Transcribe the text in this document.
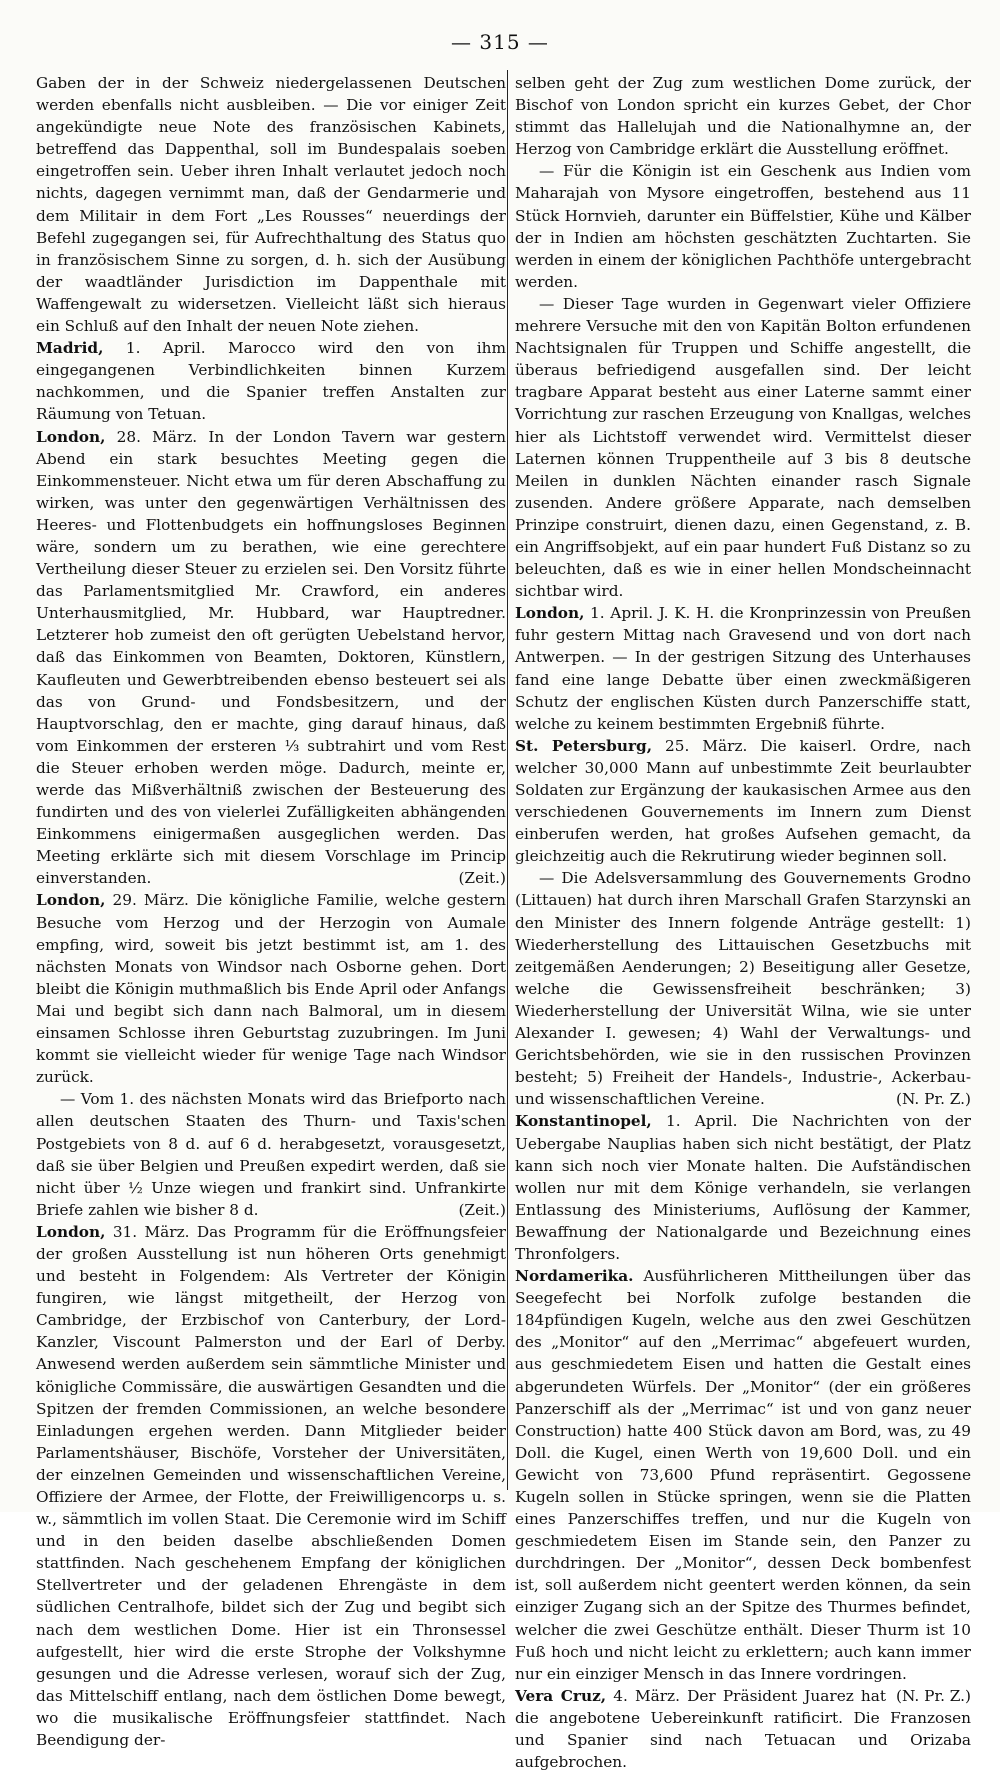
— 315 —

Gaben der in der Schweiz niedergelassenen Deutschen werden ebenfalls nicht ausbleiben. — Die vor einiger Zeit angekündigte neue Note des französischen Kabinets, betreffend das Dappenthal, soll im Bundespalais soeben eingetroffen sein. Ueber ihren Inhalt verlautet jedoch noch nichts, dagegen vernimmt man, daß der Gendarmerie und dem Militair in dem Fort „Les Rousses“ neuerdings der Befehl zugegangen sei, für Aufrechthaltung des Status quo in französischem Sinne zu sorgen, d. h. sich der Ausübung der waadtländer Jurisdiction im Dappenthale mit Waffengewalt zu widersetzen. Vielleicht läßt sich hieraus ein Schluß auf den Inhalt der neuen Note ziehen.

Madrid, 1. April. Marocco wird den von ihm eingegangenen Verbindlichkeiten binnen Kurzem nachkommen, und die Spanier treffen Anstalten zur Räumung von Tetuan.

London, 28. März. In der London Tavern war gestern Abend ein stark besuchtes Meeting gegen die Einkommensteuer. Nicht etwa um für deren Abschaffung zu wirken, was unter den gegenwärtigen Verhältnissen des Heeres- und Flottenbudgets ein hoffnungsloses Beginnen wäre, sondern um zu berathen, wie eine gerechtere Vertheilung dieser Steuer zu erzielen sei. Den Vorsitz führte das Parlamentsmitglied Mr. Crawford, ein anderes Unterhausmitglied, Mr. Hubbard, war Hauptredner. Letzterer hob zumeist den oft gerügten Uebelstand hervor, daß das Einkommen von Beamten, Doktoren, Künstlern, Kaufleuten und Gewerbtreibenden ebenso besteuert sei als das von Grund- und Fondsbesitzern, und der Hauptvorschlag, den er machte, ging darauf hinaus, daß vom Einkommen der ersteren ⅓ subtrahirt und vom Rest die Steuer erhoben werden möge. Dadurch, meinte er, werde das Mißverhältniß zwischen der Besteuerung des fundirten und des von vielerlei Zufälligkeiten abhängenden Einkommens einigermaßen ausgeglichen werden. Das Meeting erklärte sich mit diesem Vorschlage im Princip einverstanden.	(Zeit.)

London, 29. März. Die königliche Familie, welche gestern Besuche vom Herzog und der Herzogin von Aumale empfing, wird, soweit bis jetzt bestimmt ist, am 1. des nächsten Monats von Windsor nach Osborne gehen. Dort bleibt die Königin muthmaßlich bis Ende April oder Anfangs Mai und begibt sich dann nach Balmoral, um in diesem einsamen Schlosse ihren Geburtstag zuzubringen. Im Juni kommt sie vielleicht wieder für wenige Tage nach Windsor zurück.

— Vom 1. des nächsten Monats wird das Briefporto nach allen deutschen Staaten des Thurn- und Taxis'schen Postgebiets von 8 d. auf 6 d. herabgesetzt, vorausgesetzt, daß sie über Belgien und Preußen expedirt werden, daß sie nicht über ½ Unze wiegen und frankirt sind. Unfrankirte Briefe zahlen wie bisher 8 d.	(Zeit.)

London, 31. März. Das Programm für die Eröffnungsfeier der großen Ausstellung ist nun höheren Orts genehmigt und besteht in Folgendem: Als Vertreter der Königin fungiren, wie längst mitgetheilt, der Herzog von Cambridge, der Erzbischof von Canterbury, der Lord-Kanzler, Viscount Palmerston und der Earl of Derby. Anwesend werden außerdem sein sämmtliche Minister und königliche Commissäre, die auswärtigen Gesandten und die Spitzen der fremden Commissionen, an welche besondere Einladungen ergehen werden. Dann Mitglieder beider Parlamentshäuser, Bischöfe, Vorsteher der Universitäten, der einzelnen Gemeinden und wissenschaftlichen Vereine, Offiziere der Armee, der Flotte, der Freiwilligencorps u. s. w., sämmtlich im vollen Staat. Die Ceremonie wird im Schiff und in den beiden daselbe abschließenden Domen stattfinden. Nach geschehenem Empfang der königlichen Stellvertreter und der geladenen Ehrengäste in dem südlichen Centralhofe, bildet sich der Zug und begibt sich nach dem westlichen Dome. Hier ist ein Thronsessel aufgestellt, hier wird die erste Strophe der Volkshymne gesungen und die Adresse verlesen, worauf sich der Zug, das Mittelschiff entlang, nach dem östlichen Dome bewegt, wo die musikalische Eröffnungsfeier stattfindet. Nach Beendigung der-

selben geht der Zug zum westlichen Dome zurück, der Bischof von London spricht ein kurzes Gebet, der Chor stimmt das Hallelujah und die Nationalhymne an, der Herzog von Cambridge erklärt die Ausstellung eröffnet.

— Für die Königin ist ein Geschenk aus Indien vom Maharajah von Mysore eingetroffen, bestehend aus 11 Stück Hornvieh, darunter ein Büffelstier, Kühe und Kälber der in Indien am höchsten geschätzten Zuchtarten. Sie werden in einem der königlichen Pachthöfe untergebracht werden.

— Dieser Tage wurden in Gegenwart vieler Offiziere mehrere Versuche mit den von Kapitän Bolton erfundenen Nachtsignalen für Truppen und Schiffe angestellt, die überaus befriedigend ausgefallen sind. Der leicht tragbare Apparat besteht aus einer Laterne sammt einer Vorrichtung zur raschen Erzeugung von Knallgas, welches hier als Lichtstoff verwendet wird. Vermittelst dieser Laternen können Truppentheile auf 3 bis 8 deutsche Meilen in dunklen Nächten einander rasch Signale zusenden. Andere größere Apparate, nach demselben Prinzipe construirt, dienen dazu, einen Gegenstand, z. B. ein Angriffsobjekt, auf ein paar hundert Fuß Distanz so zu beleuchten, daß es wie in einer hellen Mondscheinnacht sichtbar wird.

London, 1. April. J. K. H. die Kronprinzessin von Preußen fuhr gestern Mittag nach Gravesend und von dort nach Antwerpen. — In der gestrigen Sitzung des Unterhauses fand eine lange Debatte über einen zweckmäßigeren Schutz der englischen Küsten durch Panzerschiffe statt, welche zu keinem bestimmten Ergebniß führte.

St. Petersburg, 25. März. Die kaiserl. Ordre, nach welcher 30,000 Mann auf unbestimmte Zeit beurlaubter Soldaten zur Ergänzung der kaukasischen Armee aus den verschiedenen Gouvernements im Innern zum Dienst einberufen werden, hat großes Aufsehen gemacht, da gleichzeitig auch die Rekrutirung wieder beginnen soll.

— Die Adelsversammlung des Gouvernements Grodno (Littauen) hat durch ihren Marschall Grafen Starzynski an den Minister des Innern folgende Anträge gestellt: 1) Wiederherstellung des Littauischen Gesetzbuchs mit zeitgemäßen Aenderungen; 2) Beseitigung aller Gesetze, welche die Gewissensfreiheit beschränken; 3) Wiederherstellung der Universität Wilna, wie sie unter Alexander I. gewesen; 4) Wahl der Verwaltungs- und Gerichtsbehörden, wie sie in den russischen Provinzen besteht; 5) Freiheit der Handels-, Industrie-, Ackerbau- und wissenschaftlichen Vereine.	(N. Pr. Z.)

Konstantinopel, 1. April. Die Nachrichten von der Uebergabe Nauplias haben sich nicht bestätigt, der Platz kann sich noch vier Monate halten. Die Aufständischen wollen nur mit dem Könige verhandeln, sie verlangen Entlassung des Ministeriums, Auflösung der Kammer, Bewaffnung der Nationalgarde und Bezeichnung eines Thronfolgers.

Nordamerika. Ausführlicheren Mittheilungen über das Seegefecht bei Norfolk zufolge bestanden die 184pfündigen Kugeln, welche aus den zwei Geschützen des „Monitor“ auf den „Merrimac“ abgefeuert wurden, aus geschmiedetem Eisen und hatten die Gestalt eines abgerundeten Würfels. Der „Monitor“ (der ein größeres Panzerschiff als der „Merrimac“ ist und von ganz neuer Construction) hatte 400 Stück davon am Bord, was, zu 49 Doll. die Kugel, einen Werth von 19,600 Doll. und ein Gewicht von 73,600 Pfund repräsentirt. Gegossene Kugeln sollen in Stücke springen, wenn sie die Platten eines Panzerschiffes treffen, und nur die Kugeln von geschmiedetem Eisen im Stande sein, den Panzer zu durchdringen. Der „Monitor“, dessen Deck bombenfest ist, soll außerdem nicht geentert werden können, da sein einziger Zugang sich an der Spitze des Thurmes befindet, welcher die zwei Geschütze enthält. Dieser Thurm ist 10 Fuß hoch und nicht leicht zu erklettern; auch kann immer nur ein einziger Mensch in das Innere vordringen.
(N. Pr. Z.)

Vera Cruz, 4. März. Der Präsident Juarez hat die angebotene Uebereinkunft ratificirt. Die Franzosen und Spanier sind nach Tetuacan und Orizaba aufgebrochen.
